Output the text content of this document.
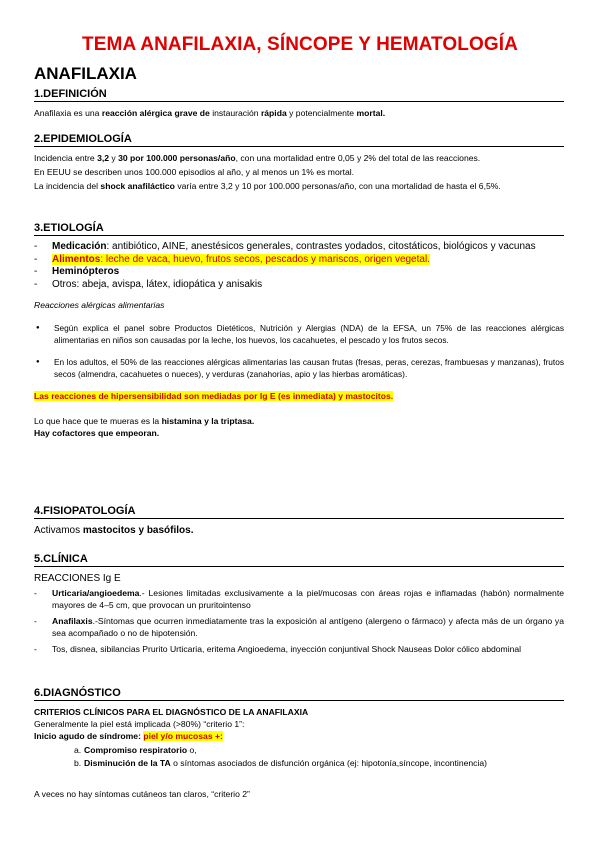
TEMA ANAFILAXIA, SÍNCOPE Y HEMATOLOGÍA
ANAFILAXIA
1.DEFINICIÓN

Anafilaxia es una reacción alérgica grave de instauración rápida y potencialmente mortal.

2.EPIDEMIOLOGÍA

Incidencia entre 3,2 y 30 por 100.000 personas/año, con una mortalidad entre 0,05 y 2% del total de las reacciones.

En EEUU se describen unos 100.000 episodios al año, y al menos un 1% es mortal.

La incidencia del shock anafiláctico varía entre 3,2 y 10 por 100.000 personas/año, con una mortalidad de hasta el 6,5%.

3.ETIOLOGÍA
- Medicación: antibiótico, AINE, anestésicos generales, contrastes yodados, citostáticos, biológicos y vacunas
- Alimentos: leche de vaca, huevo, frutos secos, pescados y mariscos, origen vegetal.
- Heminópteros
- Otros: abeja, avispa, látex, idiopática y anisakis
Reacciones alérgicas alimentarias
● Según explica el panel sobre Productos Dietéticos, Nutrición y Alergias (NDA) de la EFSA, un 75% de las reacciones alérgicas alimentarias en niños son causadas por la leche, los huevos, los cacahuetes, el pescado y los frutos secos.
● En los adultos, el 50% de las reacciones alérgicas alimentarias las causan frutas (fresas, peras, cerezas, frambuesas y manzanas), frutos secos (almendra, cacahuetes o nueces), y verduras (zanahorias, apio y las hierbas aromáticas).

Las reacciones de hipersensibilidad son mediadas por Ig E (es inmediata) y mastocitos.

Lo que hace que te mueras es la histamina y la triptasa.

Hay cofactores que empeoran.

4.FISIOPATOLOGÍA

Activamos mastocitos y basófilos.

5.CLÍNICA

REACCIONES Ig E

- Urticaria/angioedema.- Lesiones limitadas exclusivamente a la piel/mucosas con áreas rojas e inflamadas (habón) normalmente mayores de 4–5 cm, que provocan un pruritointenso
- Anafilaxis.-Síntomas que ocurren inmediatamente tras la exposición al antígeno (alergeno o fármaco) y afecta más de un órgano ya sea acompañado o no de hipotensión.
- Tos, disnea, sibilancias Prurito Urticaria, eritema Angioedema, inyección conjuntival Shock Nauseas Dolor cólico abdominal
6.DIAGNÓSTICO

CRITERIOS CLÍNICOS PARA EL DIAGNÓSTICO DE LA ANAFILAXIA

Generalmente la piel está implicada (>80%) “criterio 1”:

Inicio agudo de síndrome: piel y/o mucosas +:

a. Compromiso respiratorio o,
b. Disminución de la TA o síntomas asociados de disfunción orgánica (ej: hipotonía,síncope, incontinencia)

A veces no hay síntomas cutáneos tan claros, “criterio 2”
